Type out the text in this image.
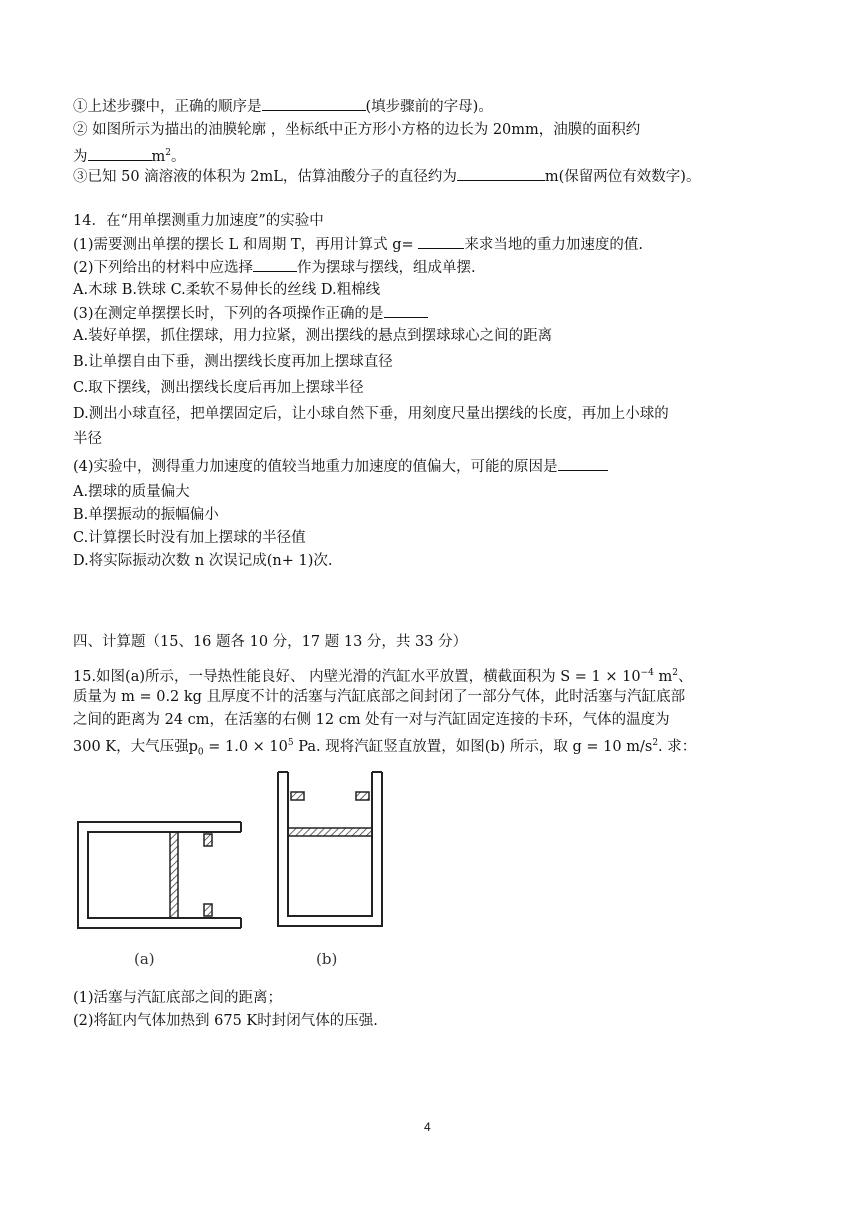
①上述步骤中，正确的顺序是	(填步骤前的字母)。
② 如图所示为描出的油膜轮廓 ，坐标纸中正方形小方格的边长为 20mm，油膜的面积约
为	$m^2$。
③已知 50 滴溶液的体积为 2mL，估算油酸分子的直径约为	m(保留两位有效数字)。
14．在“用单摆测重力加速度”的实验中
(1)需要测出单摆的摆长 L 和周期 T，再用计算式 g=	来求当地的重力加速度的值.
(2)下列给出的材料中应选择	作为摆球与摆线，组成单摆.
A.木球 B.铁球 C.柔软不易伸长的丝线 D.粗棉线
(3)在测定单摆摆长时，下列的各项操作正确的是
A.装好单摆，抓住摆球，用力拉紧，测出摆线的悬点到摆球球心之间的距离
B.让单摆自由下垂，测出摆线长度再加上摆球直径
C.取下摆线，测出摆线长度后再加上摆球半径
D.测出小球直径，把单摆固定后，让小球自然下垂，用刻度尺量出摆线的长度，再加上小球的
半径
(4)实验中，测得重力加速度的值较当地重力加速度的值偏大，可能的原因是
A.摆球的质量偏大
B.单摆振动的振幅偏小
C.计算摆长时没有加上摆球的半径值
D.将实际振动次数 n 次误记成(n+ 1)次.
四、计算题（15、16 题各 10 分，17 题 13 分，共 33 分）
15.如图(a)所示，一导热性能良好、 内壁光滑的汽缸水平放置，横截面积为 $S = 1 \times 10^{-4}$ $m^2$、
质量为 m = 0.2 kg 且厚度不计的活塞与汽缸底部之间封闭了一部分气体，此时活塞与汽缸底部
之间的距离为 24 cm，在活塞的右侧 12 cm 处有一对与汽缸固定连接的卡环，气体的温度为
300 K，大气压强$p_0 = 1.0 \times 10^5$ Pa. 现将汽缸竖直放置，如图(b) 所示，取 g = 10 $m/s^2$. 求：
(a)	(b)
(1)活塞与汽缸底部之间的距离；
(2)将缸内气体加热到 675 K时封闭气体的压强.
4
